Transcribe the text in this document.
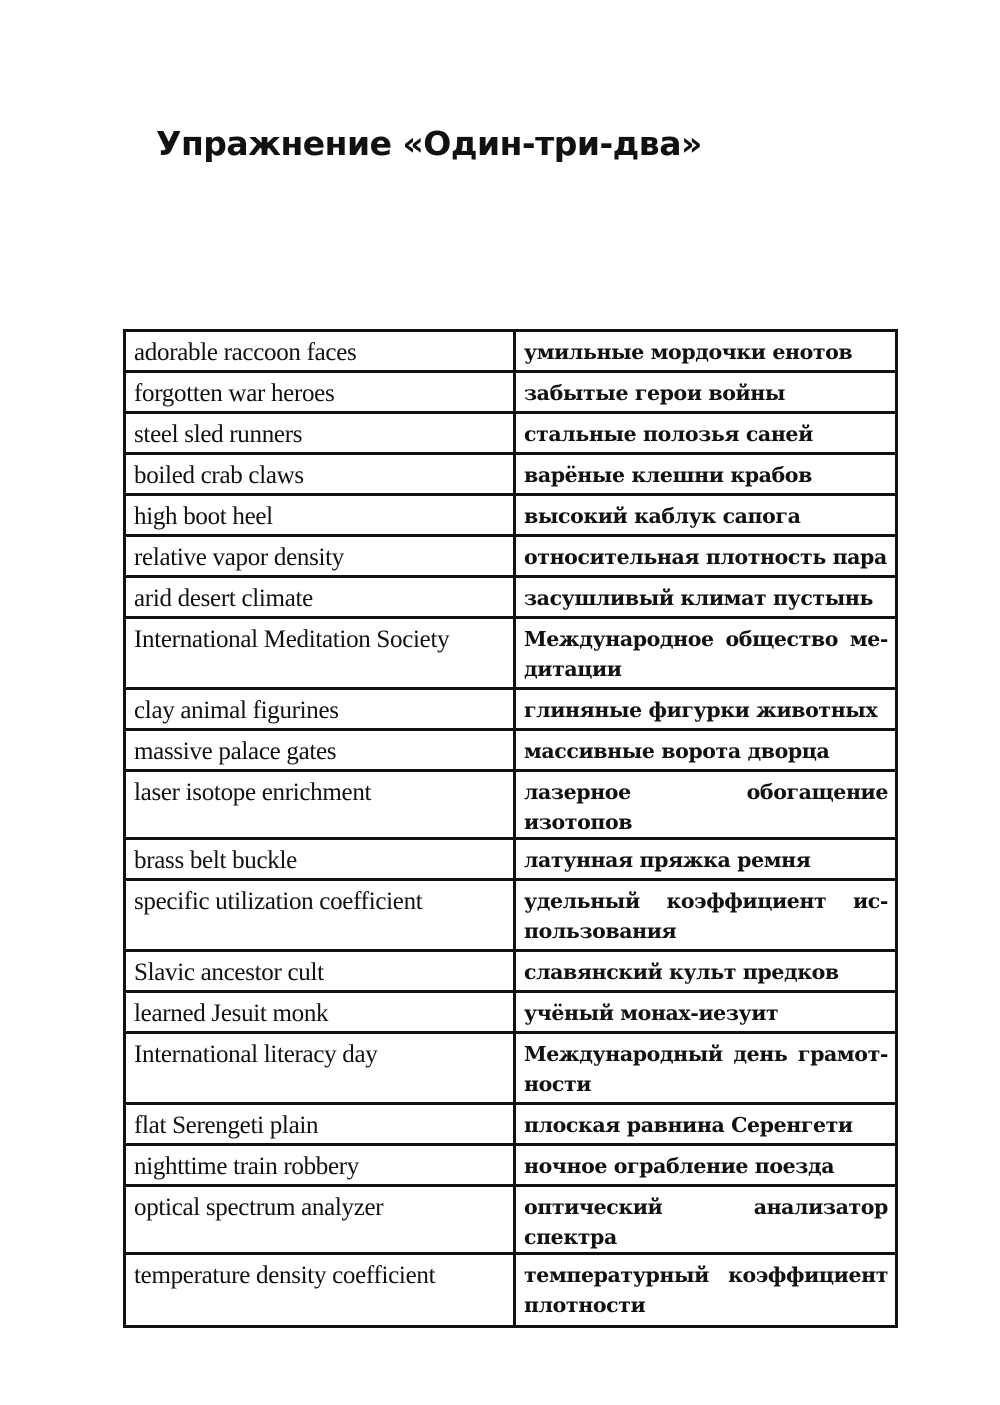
Упражнение «Один-три-два»
adorable raccoon faces	умильные мордочки енотов
forgotten war heroes	забытые герои войны
steel sled runners	стальные полозья саней
boiled crab claws	варёные клешни крабов
high boot heel	высокий каблук сапога
relative vapor density	относительная плотность пара
arid desert climate	засушливый климат пустынь
International Meditation Society	Международное общество ме-дитации
clay animal figurines	глиняные фигурки животных
massive palace gates	массивные ворота дворца
laser isotope enrichment	лазерное обогащение изотопов
brass belt buckle	латунная пряжка ремня
specific utilization coefficient	удельный коэффициент ис-пользования
Slavic ancestor cult	славянский культ предков
learned Jesuit monk	учёный монах-иезуит
International literacy day	Международный день грамот-ности
flat Serengeti plain	плоская равнина Серенгети
nighttime train robbery	ночное ограбление поезда
optical spectrum analyzer	оптический анализатор спектра
temperature density coefficient	температурный коэффициент плотности
